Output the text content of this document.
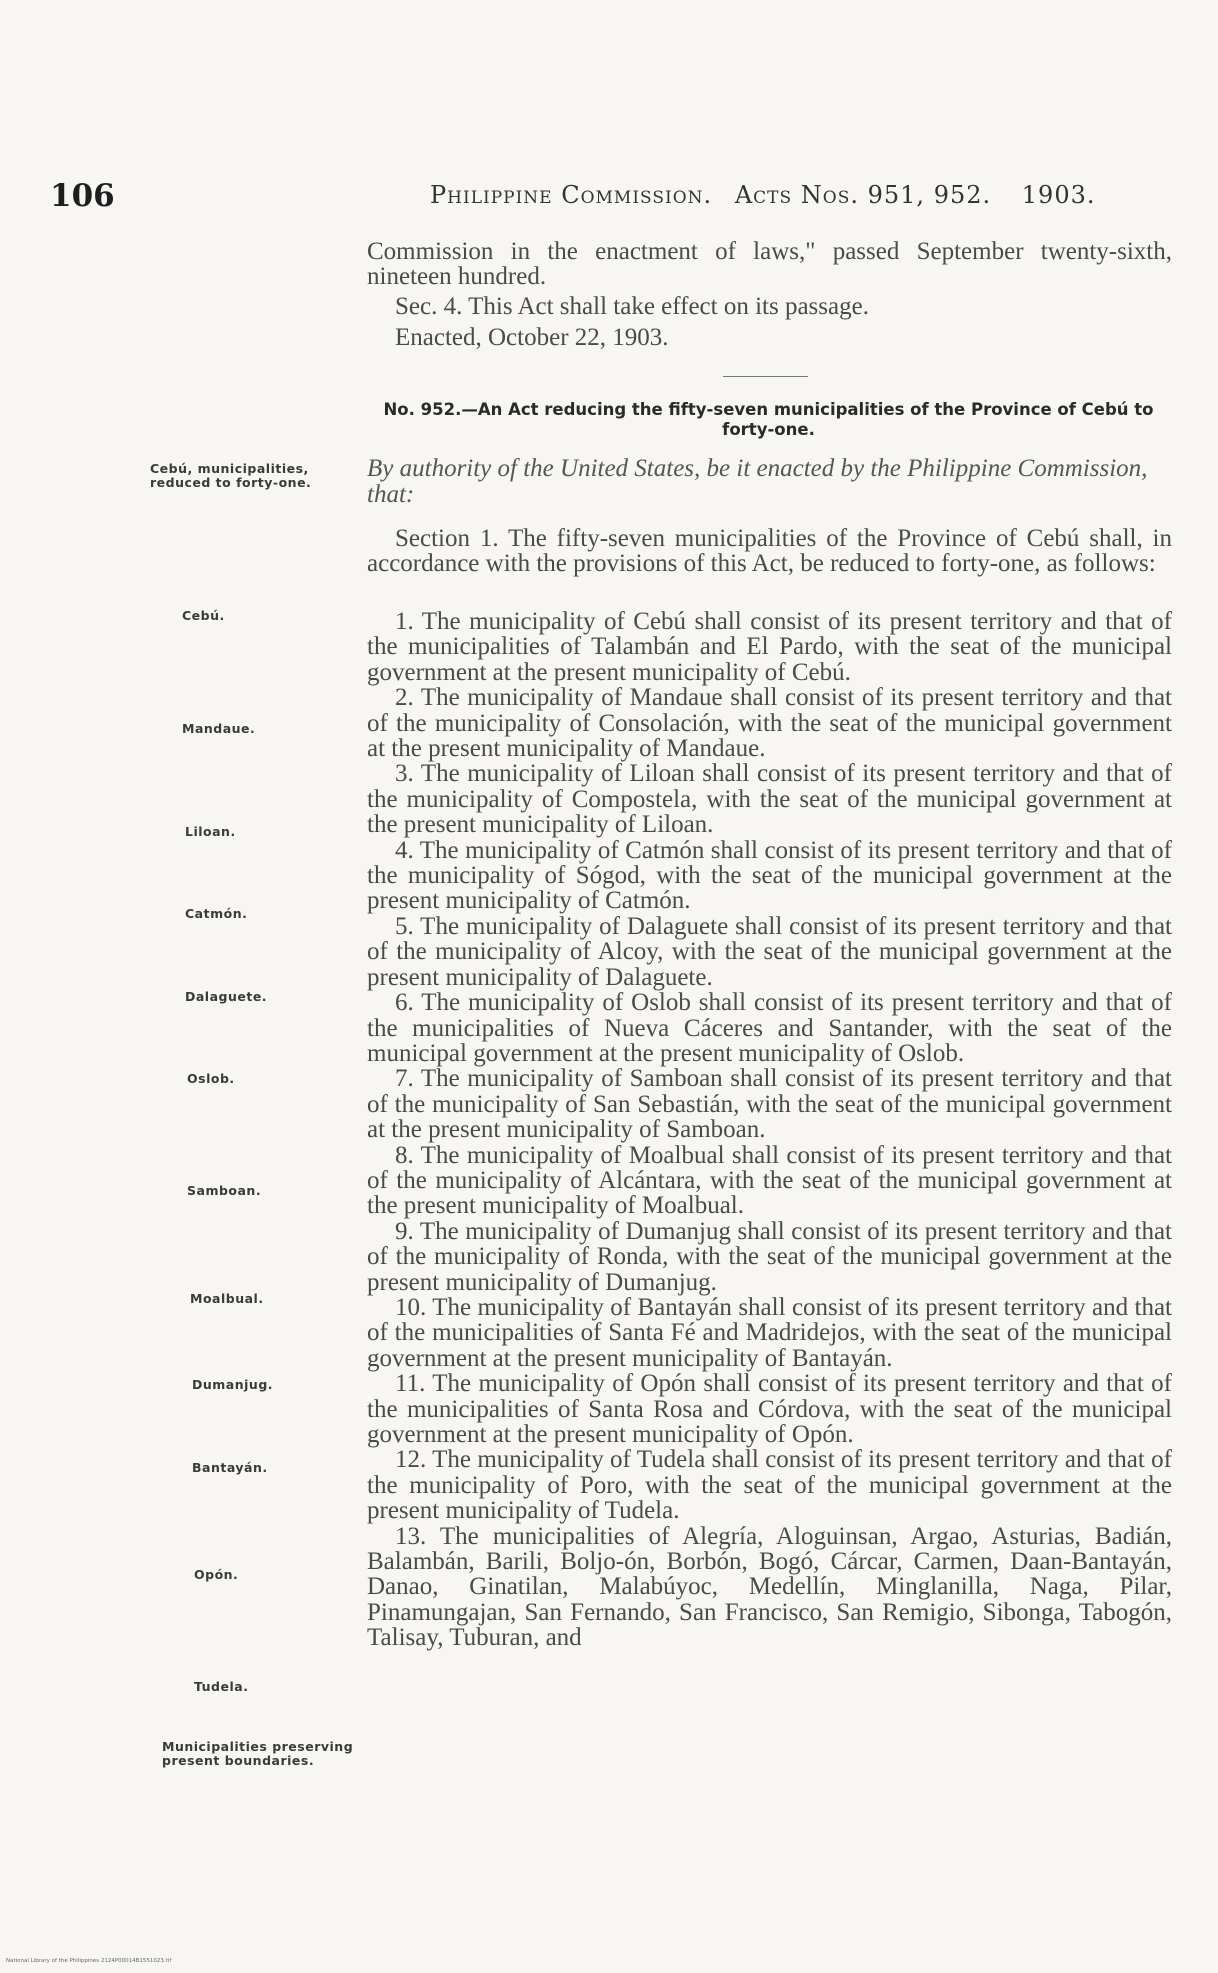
106	Philippine Commission. Acts Nos. 951, 952. 1903.

Commission in the enactment of laws," passed September twenty-sixth, nineteen hundred.

Sec. 4. This Act shall take effect on its passage.

Enacted, October 22, 1903.

No. 952.—An Act reducing the fifty-seven municipalities of the Province of Cebú to forty-one.
Cebú, municipalities, reduced to forty-one.
By authority of the United States, be it enacted by the Philippine Commission, that:

Section 1. The fifty-seven municipalities of the Province of Cebú shall, in accordance with the provisions of this Act, be reduced to forty-one, as follows:

Cebú.
Mandaue.
Liloan.
Catmón.
Dalaguete.
Oslob.
Samboan.
Moalbual.
Dumanjug.
Bantayán.
Opón.
Tudela.
Municipalities preserving present boundaries.

1. The municipality of Cebú shall consist of its present territory and that of the municipalities of Talambán and El Pardo, with the seat of the municipal government at the present municipality of Cebú.

2. The municipality of Mandaue shall consist of its present territory and that of the municipality of Consolación, with the seat of the municipal government at the present municipality of Mandaue.

3. The municipality of Liloan shall consist of its present territory and that of the municipality of Compostela, with the seat of the municipal government at the present municipality of Liloan.

4. The municipality of Catmón shall consist of its present territory and that of the municipality of Sógod, with the seat of the municipal government at the present municipality of Catmón.

5. The municipality of Dalaguete shall consist of its present territory and that of the municipality of Alcoy, with the seat of the municipal government at the present municipality of Dalaguete.

6. The municipality of Oslob shall consist of its present territory and that of the municipalities of Nueva Cáceres and Santander, with the seat of the municipal government at the present municipality of Oslob.

7. The municipality of Samboan shall consist of its present territory and that of the municipality of San Sebastián, with the seat of the municipal government at the present municipality of Samboan.

8. The municipality of Moalbual shall consist of its present territory and that of the municipality of Alcántara, with the seat of the municipal government at the present municipality of Moalbual.

9. The municipality of Dumanjug shall consist of its present territory and that of the municipality of Ronda, with the seat of the municipal government at the present municipality of Dumanjug.

10. The municipality of Bantayán shall consist of its present territory and that of the municipalities of Santa Fé and Madridejos, with the seat of the municipal government at the present municipality of Bantayán.

11. The municipality of Opón shall consist of its present territory and that of the municipalities of Santa Rosa and Córdova, with the seat of the municipal government at the present municipality of Opón.

12. The municipality of Tudela shall consist of its present territory and that of the municipality of Poro, with the seat of the municipal government at the present municipality of Tudela.

13. The municipalities of Alegría, Aloguinsan, Argao, Asturias, Badián, Balambán, Barili, Boljo-ón, Borbón, Bogó, Cárcar, Carmen, Daan-Bantayán, Danao, Ginatilan, Malabúyoc, Medellín, Minglanilla, Naga, Pilar, Pinamungajan, San Fernando, San Francisco, San Remigio, Sibonga, Tabogón, Talisay, Tuburan, and

National Library of the Philippines 2124P00014B1551023.tif
